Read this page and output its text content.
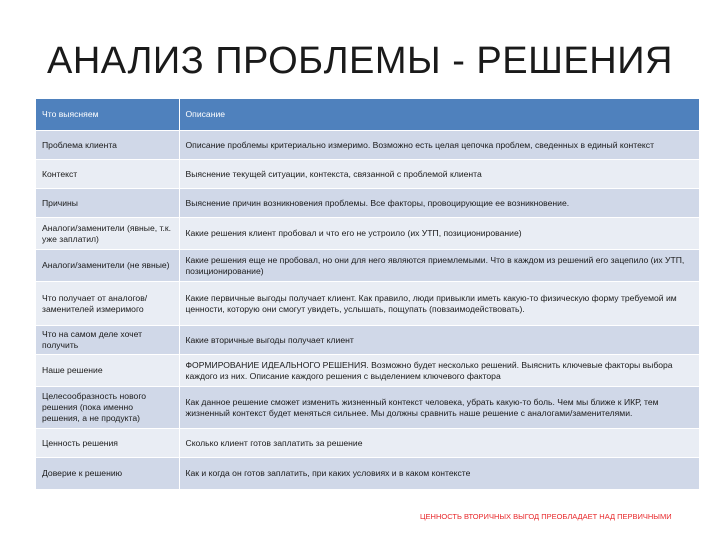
АНАЛИЗ ПРОБЛЕМЫ - РЕШЕНИЯ
Что выясняем	Описание
Проблема клиента	Описание проблемы критериально измеримо. Возможно есть целая цепочка проблем, сведенных в единый контекст
Контекст	Выяснение текущей ситуации, контекста, связанной с проблемой клиента
Причины	Выяснение причин возникновения проблемы. Все факторы, провоцирующие ее возникновение.
Аналоги/заменители (явные, т.к. уже заплатил)	Какие решения клиент пробовал и что его не устроило (их УТП, позиционирование)
Аналоги/заменители (не явные)	Какие решения еще не пробовал, но они для него являются приемлемыми. Что в каждом из решений его зацепило (их УТП, позиционирование)
Что получает от аналогов/заменителей измеримого	Какие первичные выгоды получает клиент. Как правило, люди привыкли иметь какую-то физическую форму требуемой им ценности, которую они смогут увидеть, услышать, пощупать (повзаимодействовать).
Что на самом деле хочет получить	Какие вторичные выгоды получает клиент
Наше решение	ФОРМИРОВАНИЕ ИДЕАЛЬНОГО РЕШЕНИЯ. Возможно будет несколько решений. Выяснить ключевые факторы выбора каждого из них. Описание каждого решения с выделением ключевого фактора
Целесообразность нового решения (пока именно решения, а не продукта)	Как данное решение сможет изменить жизненный контекст человека, убрать какую-то боль. Чем мы ближе к ИКР, тем жизненный контекст будет меняться сильнее. Мы должны сравнить наше решение с аналогами/заменителями.
Ценность решения	Сколько клиент готов заплатить за решение
Доверие к решению	Как и когда он готов заплатить, при каких условиях и в каком контексте
ЦЕННОСТЬ ВТОРИЧНЫХ ВЫГОД ПРЕОБЛАДАЕТ НАД ПЕРВИЧНЫМИ
